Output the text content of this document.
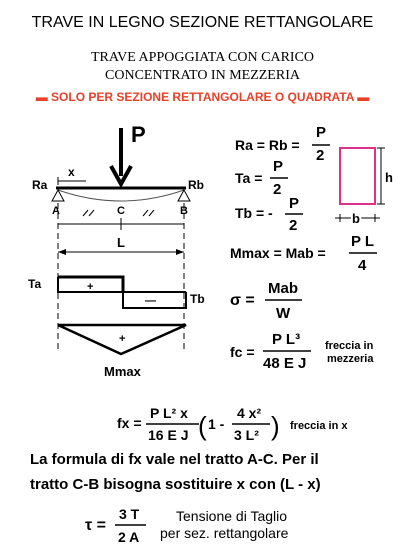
TRAVE IN LEGNO SEZIONE RETTANGOLARE
TRAVE APPOGGIATA CON CARICO
CONCENTRATO IN MEZZERIA
▬ SOLO PER SEZIONE RETTANGOLARE O QUADRATA ▬
P
Ra	Rb
x
A	C	B
L
Ta
Tb
+
—
+
Mmax
h
b
Ra = Rb =
P
2
Ta =
P
2
Tb = -
P
2
Mmax = Mab =
P L
4
σ =
Mab
W
fc =
P L³
48 E J
freccia in
mezzeria
fx =
P L² x
16 E J ( 1 -
4 x²
3 L² ) freccia in x
La formula di fx vale nel tratto A-C. Per il
tratto C-B bisogna sostituire x con (L - x)
τ =
3 T
2 A
Tensione di Taglio
per sez. rettangolare
